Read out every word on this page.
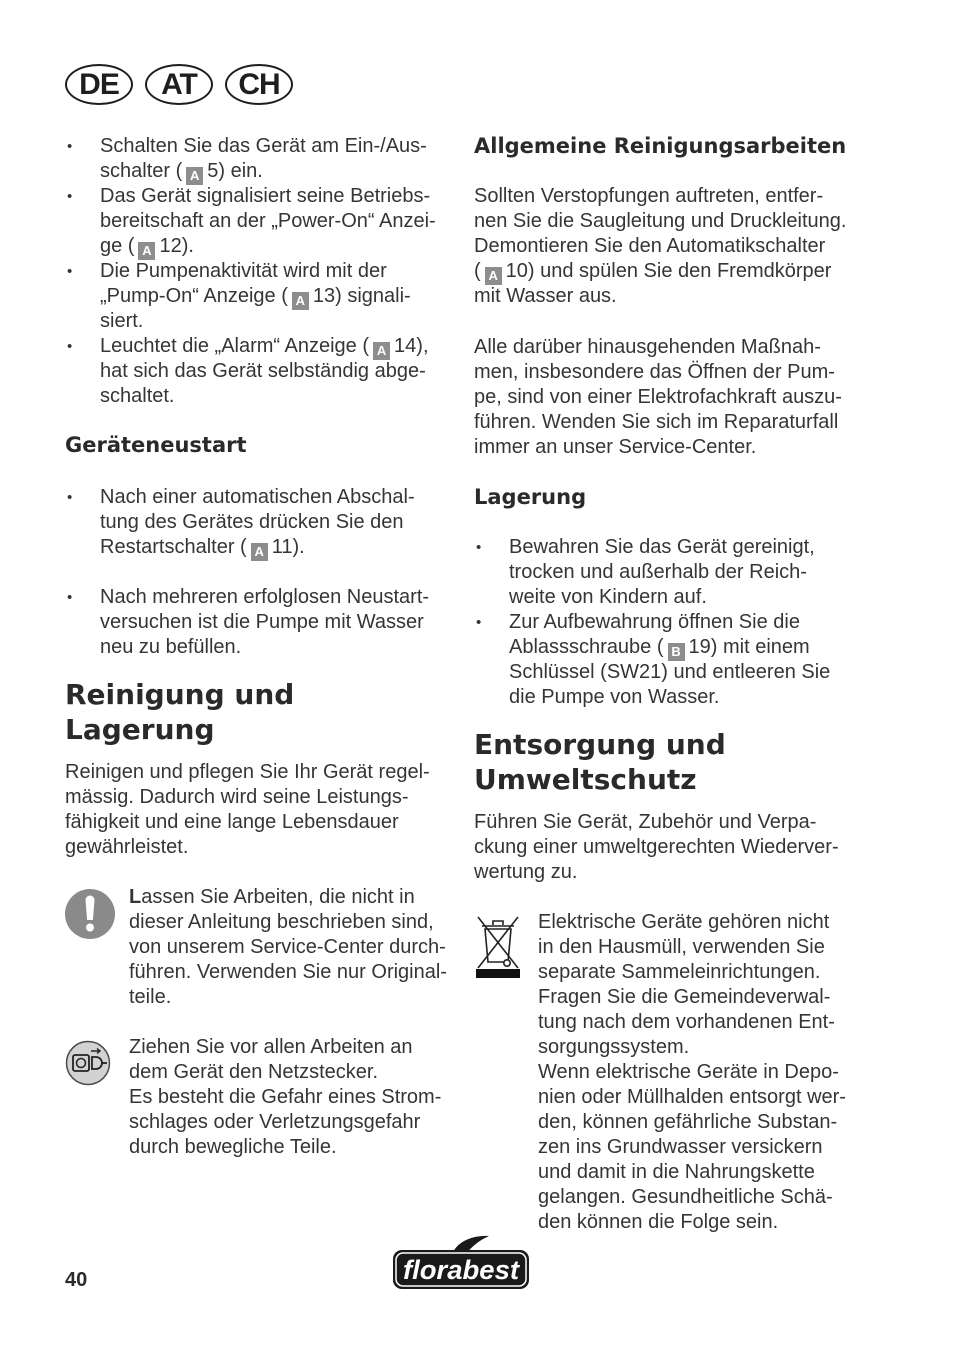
DE	AT	CH
• Schalten Sie das Gerät am Ein-/Aus-
schalter ( A 5) ein.
• Das Gerät signalisiert seine Betriebs-
bereitschaft an der „Power-On“ Anzei-
ge ( A 12).
• Die Pumpenaktivität wird mit der
„Pump-On“ Anzeige ( A 13) signali-
siert.
• Leuchtet die „Alarm“ Anzeige ( A 14),
hat sich das Gerät selbständig abge-
schaltet.
Geräteneustart
• Nach einer automatischen Abschal-
tung des Gerätes drücken Sie den
Restartschalter ( A 11).
• Nach mehreren erfolglosen Neustart-
versuchen ist die Pumpe mit Wasser
neu zu befüllen.
Reinigung und
Lagerung
Reinigen und pflegen Sie Ihr Gerät regel-
mässig. Dadurch wird seine Leistungs-
fähigkeit und eine lange Lebensdauer
gewährleistet.
Lassen Sie Arbeiten, die nicht in
dieser Anleitung beschrieben sind,
von unserem Service-Center durch-
führen. Verwenden Sie nur Original-
teile.
Ziehen Sie vor allen Arbeiten an
dem Gerät den Netzstecker.
Es besteht die Gefahr eines Strom-
schlages oder Verletzungsgefahr
durch bewegliche Teile.
Allgemeine Reinigungsarbeiten
Sollten Verstopfungen auftreten, entfer-
nen Sie die Saugleitung und Druckleitung.
Demontieren Sie den Automatikschalter
( A 10) und spülen Sie den Fremdkörper
mit Wasser aus.
Alle darüber hinausgehenden Maßnah-
men, insbesondere das Öffnen der Pum-
pe, sind von einer Elektrofachkraft auszu-
führen. Wenden Sie sich im Reparaturfall
immer an unser Service-Center.
Lagerung
• Bewahren Sie das Gerät gereinigt,
trocken und außerhalb der Reich-
weite von Kindern auf.
• Zur Aufbewahrung öffnen Sie die
Ablassschraube ( B 19) mit einem
Schlüssel (SW21) und entleeren Sie
die Pumpe von Wasser.
Entsorgung und
Umweltschutz
Führen Sie Gerät, Zubehör und Verpa-
ckung einer umweltgerechten Wiederver-
wertung zu.
Elektrische Geräte gehören nicht
in den Hausmüll, verwenden Sie
separate Sammeleinrichtungen.
Fragen Sie die Gemeindeverwal-
tung nach dem vorhandenen Ent-
sorgungssystem.
Wenn elektrische Geräte in Depo-
nien oder Müllhalden entsorgt wer-
den, können gefährliche Substan-
zen ins Grundwasser versickern
und damit in die Nahrungskette
gelangen. Gesundheitliche Schä-
den können die Folge sein.
40	florabest
